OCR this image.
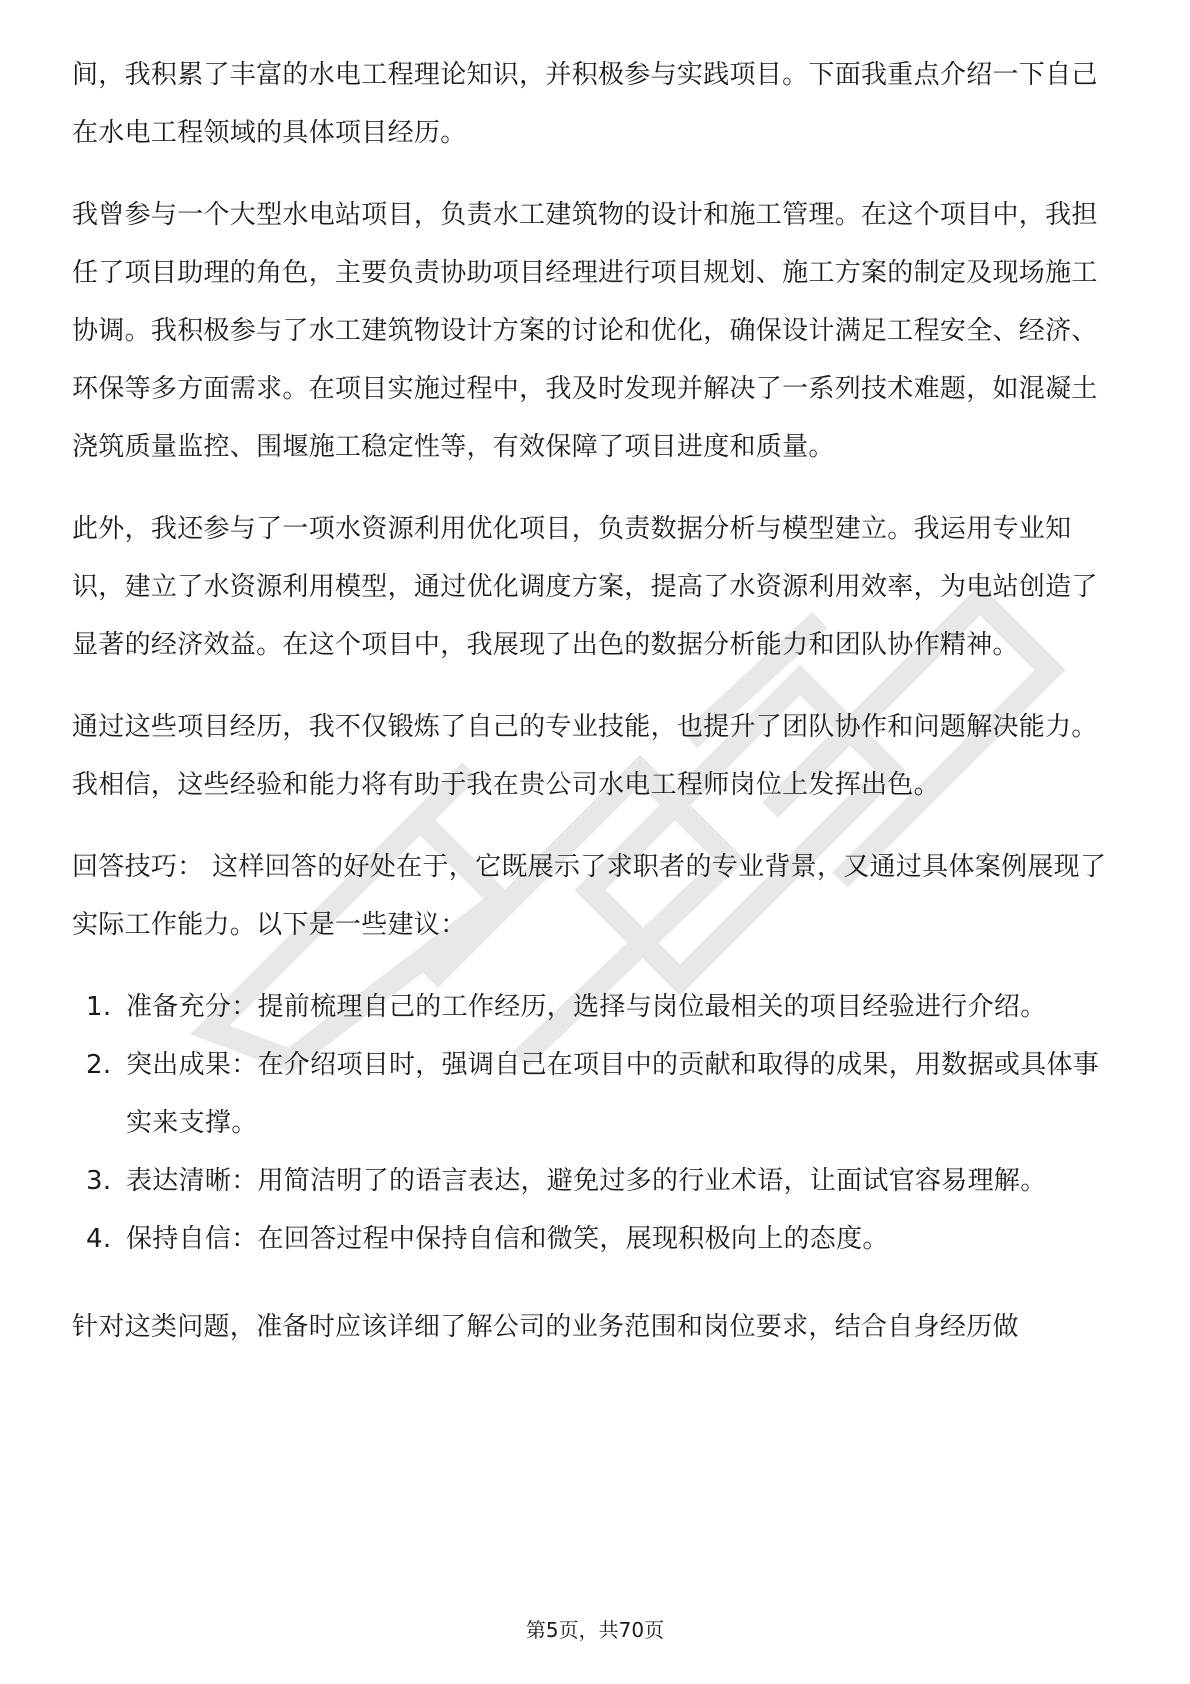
间，我积累了丰富的水电工程理论知识，并积极参与实践项目。下面我重点介绍一下自己在水电工程领域的具体项目经历。

我曾参与一个大型水电站项目，负责水工建筑物的设计和施工管理。在这个项目中，我担任了项目助理的角色，主要负责协助项目经理进行项目规划、施工方案的制定及现场施工协调。我积极参与了水工建筑物设计方案的讨论和优化，确保设计满足工程安全、经济、环保等多方面需求。在项目实施过程中，我及时发现并解决了一系列技术难题，如混凝土浇筑质量监控、围堰施工稳定性等，有效保障了项目进度和质量。

此外，我还参与了一项水资源利用优化项目，负责数据分析与模型建立。我运用专业知识，建立了水资源利用模型，通过优化调度方案，提高了水资源利用效率，为电站创造了显著的经济效益。在这个项目中，我展现了出色的数据分析能力和团队协作精神。

通过这些项目经历，我不仅锻炼了自己的专业技能，也提升了团队协作和问题解决能力。我相信，这些经验和能力将有助于我在贵公司水电工程师岗位上发挥出色。

回答技巧： 这样回答的好处在于，它既展示了求职者的专业背景，又通过具体案例展现了实际工作能力。以下是一些建议：

1. 准备充分：提前梳理自己的工作经历，选择与岗位最相关的项目经验进行介绍。
2. 突出成果：在介绍项目时，强调自己在项目中的贡献和取得的成果，用数据或具体事实来支撑。
3. 表达清晰：用简洁明了的语言表达，避免过多的行业术语，让面试官容易理解。
4. 保持自信：在回答过程中保持自信和微笑，展现积极向上的态度。

针对这类问题，准备时应该详细了解公司的业务范围和岗位要求，结合自身经历做

第5页，共70页
